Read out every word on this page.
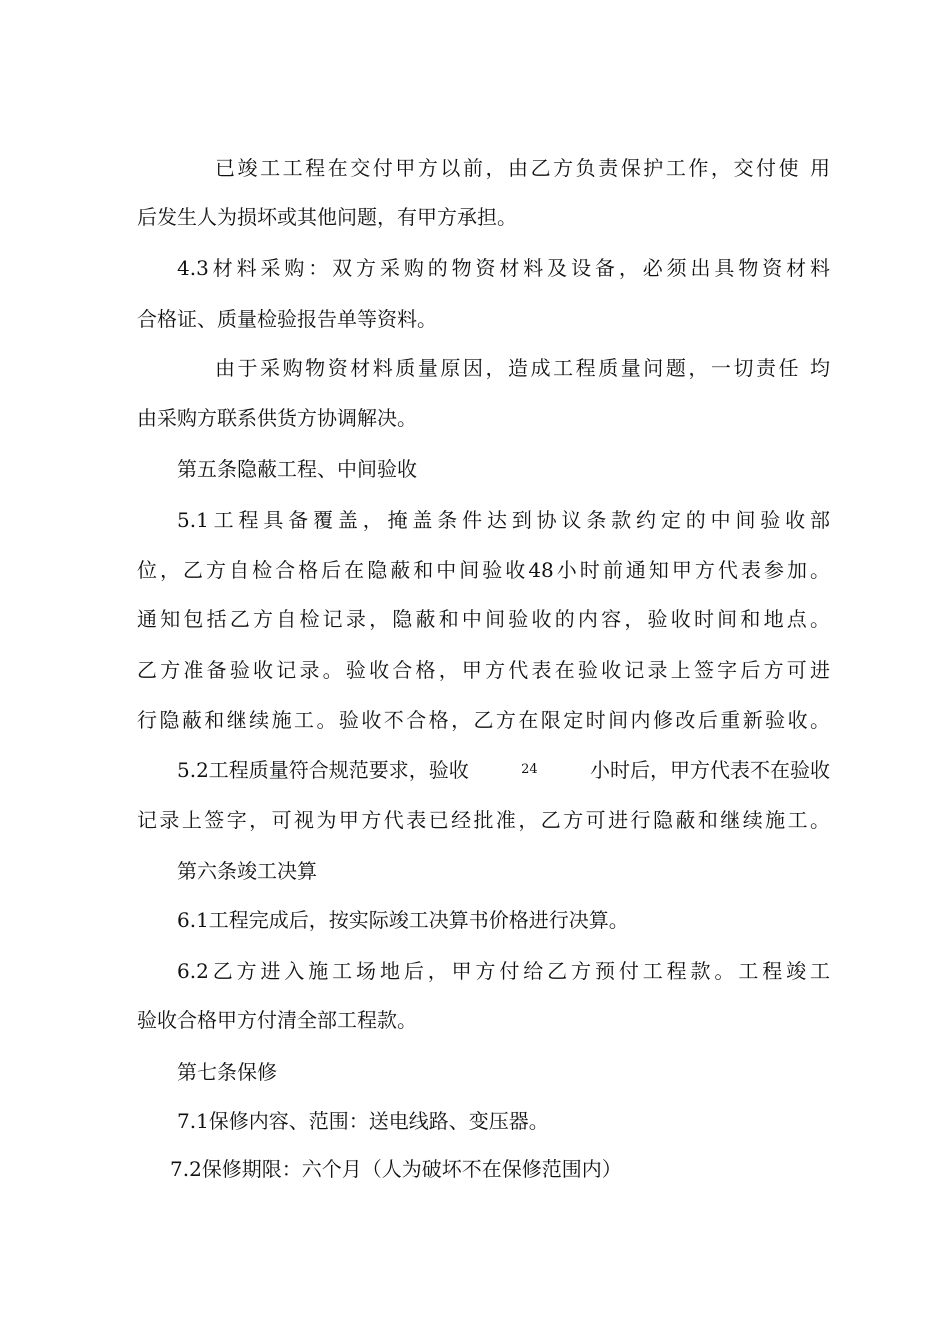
已竣工工程在交付甲方以前，由乙方负责保护工作，交付使 用
后发生人为损坏或其他问题，有甲方承担。
4.3材料采购：双方采购的物资材料及设备，必须出具物资材料
合格证、质量检验报告单等资料。
由于采购物资材料质量原因，造成工程质量问题，一切责任 均
由采购方联系供货方协调解决。
第五条隐蔽工程、中间验收
5.1工程具备覆盖，掩盖条件达到协议条款约定的中间验收部
位，乙方自检合格后在隐蔽和中间验收48小时前通知甲方代表参加。
通知包括乙方自检记录，隐蔽和中间验收的内容，验收时间和地点。
乙方准备验收记录。验收合格，甲方代表在验收记录上签字后方可进
行隐蔽和继续施工。验收不合格，乙方在限定时间内修改后重新验收。
5.2工程质量符合规范要求，验收	24	小时后，甲方代表不在验收
记录上签字，可视为甲方代表已经批准，乙方可进行隐蔽和继续施工。
第六条竣工决算
6.1工程完成后，按实际竣工决算书价格进行决算。
6.2乙方进入施工场地后，甲方付给乙方预付工程款。工程竣工
验收合格甲方付清全部工程款。
第七条保修
7.1保修内容、范围：送电线路、变压器。
7.2保修期限：六个月（人为破坏不在保修范围内）
